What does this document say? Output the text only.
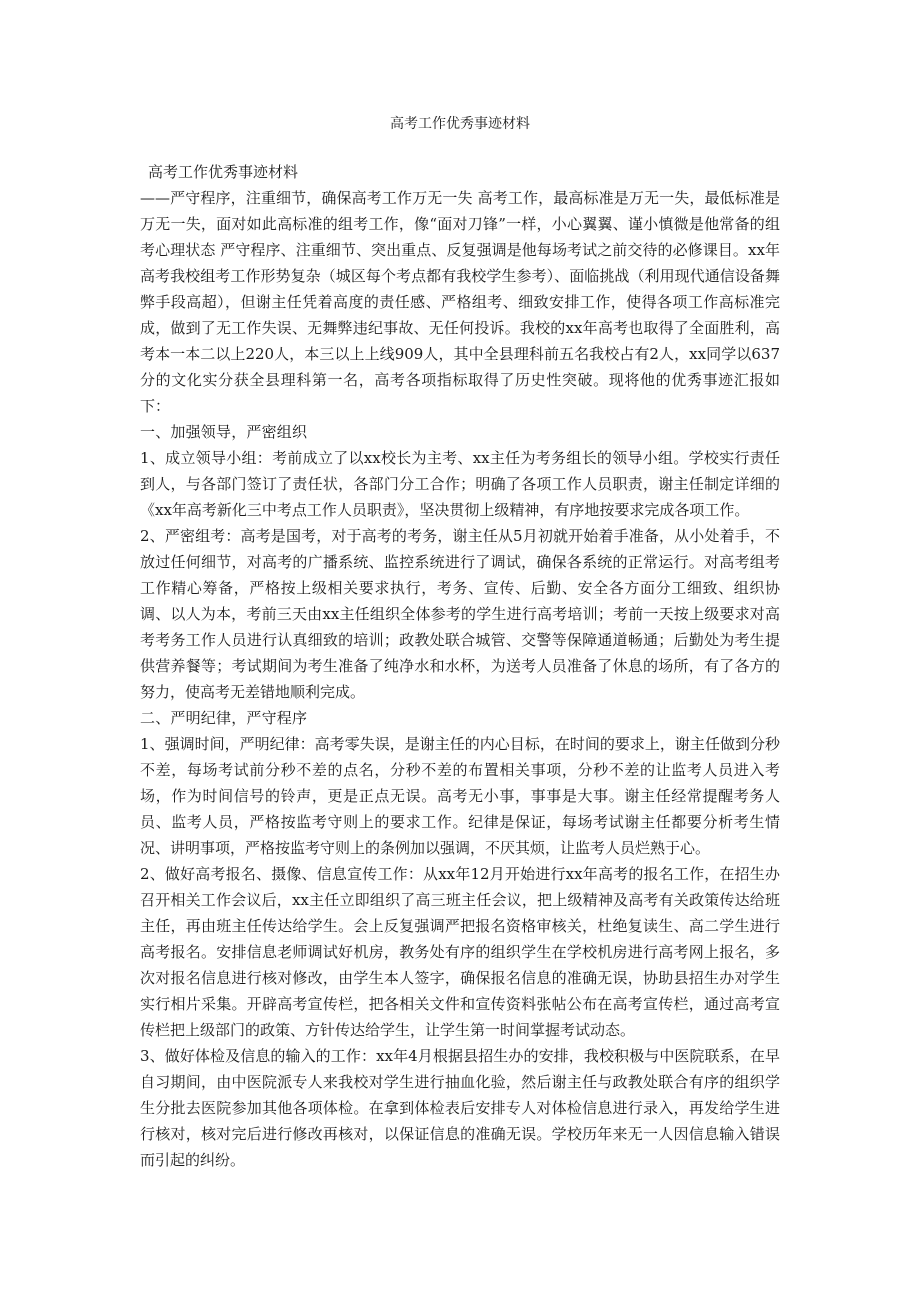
高考工作优秀事迹材料

高考工作优秀事迹材料

——严守程序，注重细节，确保高考工作万无一失 高考工作，最高标准是万无一失，最低标准是万无一失，面对如此高标准的组考工作，像“面对刀锋”一样，小心翼翼、谨小慎微是他常备的组考心理状态 严守程序、注重细节、突出重点、反复强调是他每场考试之前交待的必修课目。xx年高考我校组考工作形势复杂（城区每个考点都有我校学生参考）、面临挑战（利用现代通信设备舞弊手段高超），但谢主任凭着高度的责任感、严格组考、细致安排工作，使得各项工作高标准完成，做到了无工作失误、无舞弊违纪事故、无任何投诉。我校的xx年高考也取得了全面胜利，高考本一本二以上220人，本三以上上线909人，其中全县理科前五名我校占有2人，xx同学以637分的文化实分获全县理科第一名，高考各项指标取得了历史性突破。现将他的优秀事迹汇报如下：

一、加强领导，严密组织

1、成立领导小组：考前成立了以xx校长为主考、xx主任为考务组长的领导小组。学校实行责任到人，与各部门签订了责任状，各部门分工合作；明确了各项工作人员职责，谢主任制定详细的《xx年高考新化三中考点工作人员职责》，坚决贯彻上级精神，有序地按要求完成各项工作。

2、严密组考：高考是国考，对于高考的考务，谢主任从5月初就开始着手准备，从小处着手，不放过任何细节，对高考的广播系统、监控系统进行了调试，确保各系统的正常运行。对高考组考工作精心筹备，严格按上级相关要求执行，考务、宣传、后勤、安全各方面分工细致、组织协调、以人为本，考前三天由xx主任组织全体参考的学生进行高考培训；考前一天按上级要求对高考考务工作人员进行认真细致的培训；政教处联合城管、交警等保障通道畅通；后勤处为考生提供营养餐等；考试期间为考生准备了纯净水和水杯，为送考人员准备了休息的场所，有了各方的努力，使高考无差错地顺利完成。

二、严明纪律，严守程序

1、强调时间，严明纪律：高考零失误，是谢主任的内心目标，在时间的要求上，谢主任做到分秒不差，每场考试前分秒不差的点名，分秒不差的布置相关事项，分秒不差的让监考人员进入考场，作为时间信号的铃声，更是正点无误。高考无小事，事事是大事。谢主任经常提醒考务人员、监考人员，严格按监考守则上的要求工作。纪律是保证，每场考试谢主任都要分析考生情况、讲明事项，严格按监考守则上的条例加以强调，不厌其烦，让监考人员烂熟于心。

2、做好高考报名、摄像、信息宣传工作：从xx年12月开始进行xx年高考的报名工作，在招生办召开相关工作会议后，xx主任立即组织了高三班主任会议，把上级精神及高考有关政策传达给班主任，再由班主任传达给学生。会上反复强调严把报名资格审核关，杜绝复读生、高二学生进行高考报名。安排信息老师调试好机房，教务处有序的组织学生在学校机房进行高考网上报名，多次对报名信息进行核对修改，由学生本人签字，确保报名信息的准确无误，协助县招生办对学生实行相片采集。开辟高考宣传栏，把各相关文件和宣传资料张帖公布在高考宣传栏，通过高考宣传栏把上级部门的政策、方针传达给学生，让学生第一时间掌握考试动态。

3、做好体检及信息的输入的工作：xx年4月根据县招生办的安排，我校积极与中医院联系，在早自习期间，由中医院派专人来我校对学生进行抽血化验，然后谢主任与政教处联合有序的组织学生分批去医院参加其他各项体检。在拿到体检表后安排专人对体检信息进行录入，再发给学生进行核对，核对完后进行修改再核对，以保证信息的准确无误。学校历年来无一人因信息输入错误而引起的纠纷。
